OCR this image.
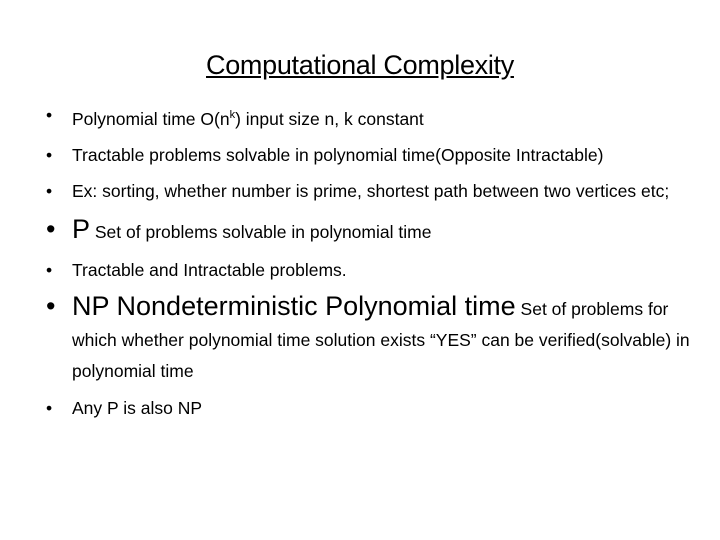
Computational Complexity
• Polynomial time $O(n^k)$ input size n, k constant
• Tractable problems solvable in polynomial time(Opposite Intractable)
• Ex: sorting, whether number is prime, shortest path between two vertices etc;
• P Set of problems solvable in polynomial time
• Tractable and Intractable problems.
• NP Nondeterministic Polynomial time Set of problems for which whether polynomial time solution exists “YES” can be verified(solvable) in polynomial time
• Any P is also NP
